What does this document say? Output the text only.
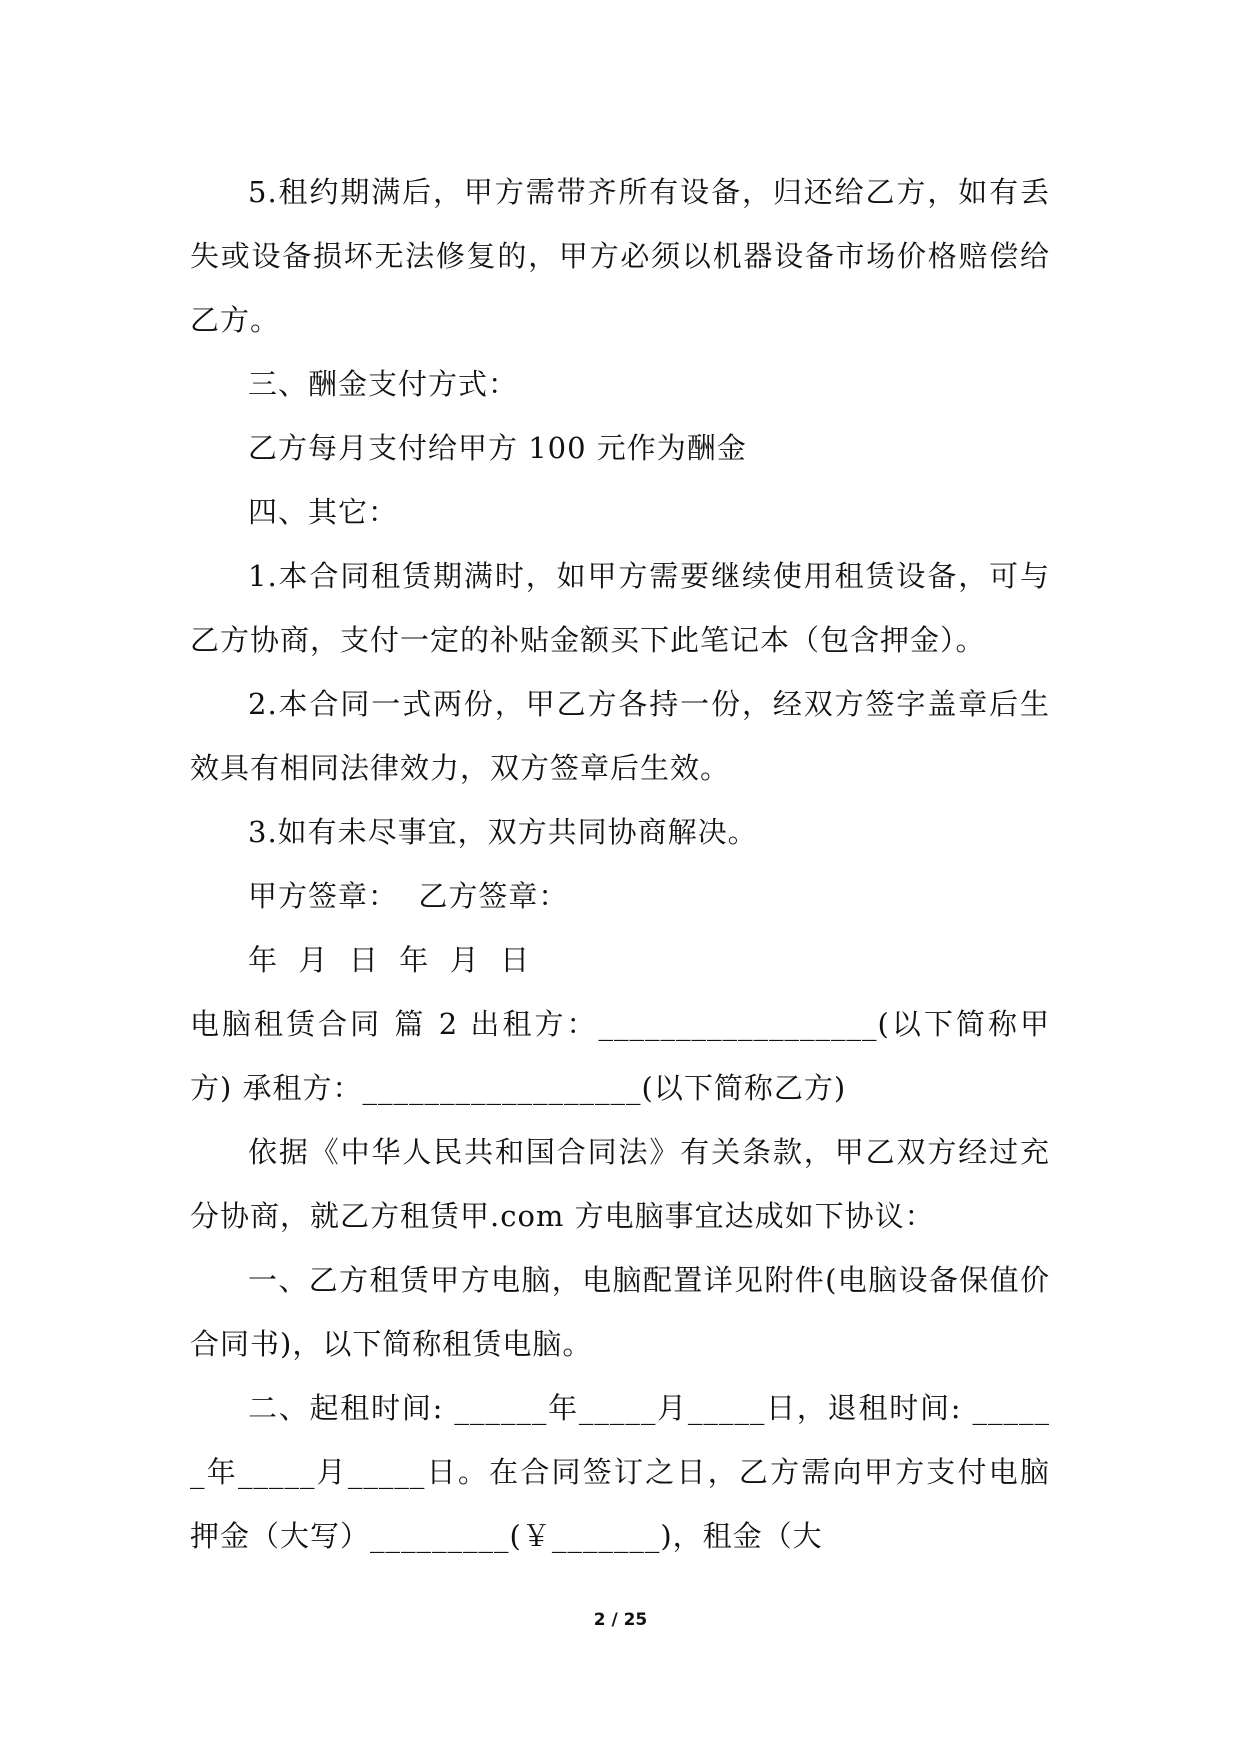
5.租约期满后，甲方需带齐所有设备，归还给乙方，如有丢失或设备损坏无法修复的，甲方必须以机器设备市场价格赔偿给乙方。

三、酬金支付方式：

乙方每月支付给甲方 100 元作为酬金

四、其它：

1.本合同租赁期满时，如甲方需要继续使用租赁设备，可与乙方协商，支付一定的补贴金额买下此笔记本（包含押金）。

2.本合同一式两份，甲乙方各持一份，经双方签字盖章后生效具有相同法律效力，双方签章后生效。

3.如有未尽事宜，双方共同协商解决。

甲方签章：  乙方签章：

年  月  日  年  月  日

电脑租赁合同 篇 2 出租方：__________________(以下简称甲方) 承租方：__________________(以下简称乙方)

依据《中华人民共和国合同法》有关条款，甲乙双方经过充分协商，就乙方租赁甲.com 方电脑事宜达成如下协议：

一、乙方租赁甲方电脑，电脑配置详见附件(电脑设备保值价合同书)，以下简称租赁电脑。

二、起租时间: ______年_____月_____日，退租时间: ______年_____月_____日。在合同签订之日，乙方需向甲方支付电脑押金（大写）_________(￥_______)，租金（大

2 / 25
